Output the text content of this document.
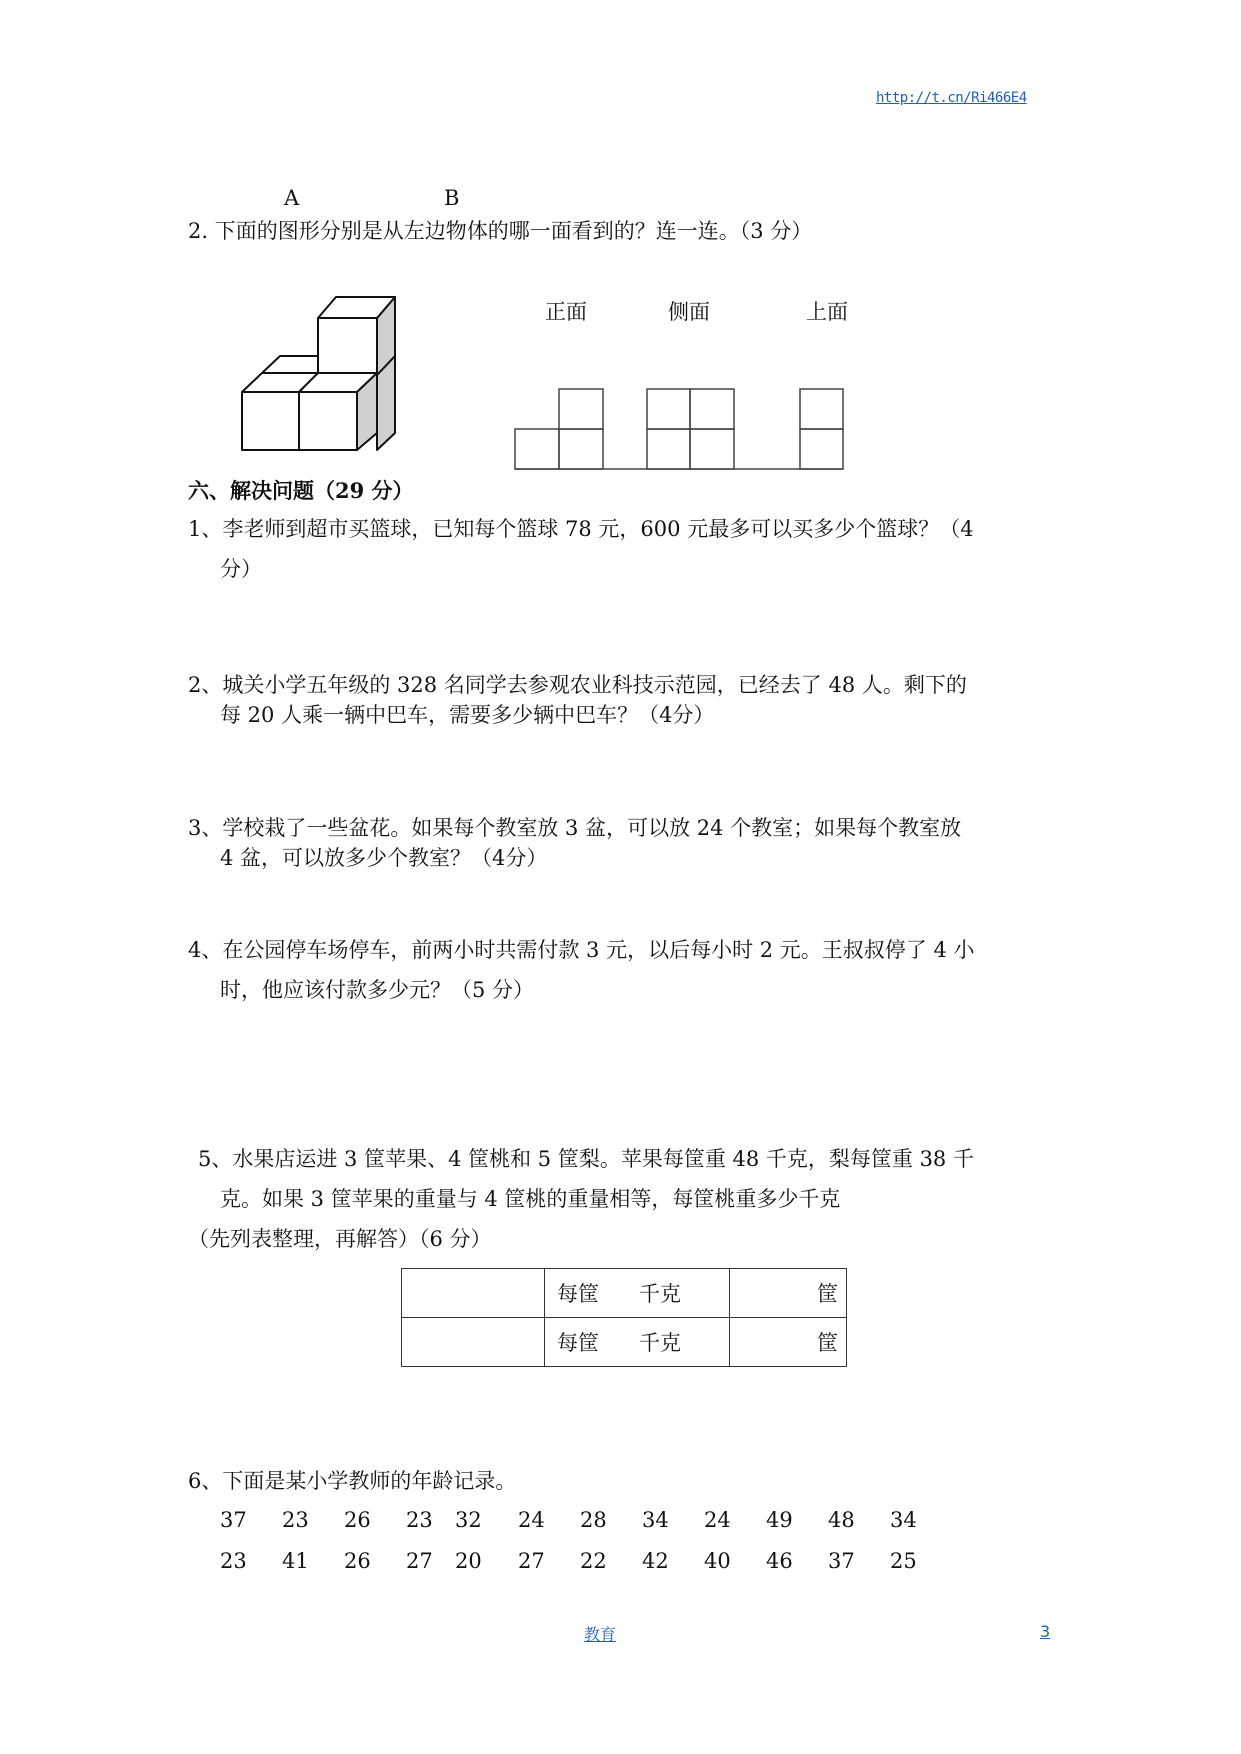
http://t.cn/Ri466E4
A	B
2. 下面的图形分别是从左边物体的哪一面看到的？连一连。（3 分）
正面	侧面	上面
六、解决问题（29 分）
1、李老师到超市买篮球，已知每个篮球 78 元，600 元最多可以买多少个篮球？（4
分）
2、城关小学五年级的 328 名同学去参观农业科技示范园，已经去了 48 人。剩下的
每 20 人乘一辆中巴车，需要多少辆中巴车？（4分）
3、学校栽了一些盆花。如果每个教室放 3 盆，可以放 24 个教室；如果每个教室放
4 盆，可以放多少个教室？（4分）
4、在公园停车场停车，前两小时共需付款 3 元，以后每小时 2 元。王叔叔停了 4 小
时，他应该付款多少元？（5 分）
5、水果店运进 3 筐苹果、4 筐桃和 5 筐梨。苹果每筐重 48 千克，梨每筐重 38 千
克。如果 3 筐苹果的重量与 4 筐桃的重量相等，每筐桃重多少千克
（先列表整理，再解答）（6 分）
	每筐 千克	筐
	每筐 千克	筐
6、下面是某小学教师的年龄记录。
37 23 26 23 32 24 28 34 24 49 48 34
23 41 26 27 20 27 22 42 40 46 37 25
教育	3
